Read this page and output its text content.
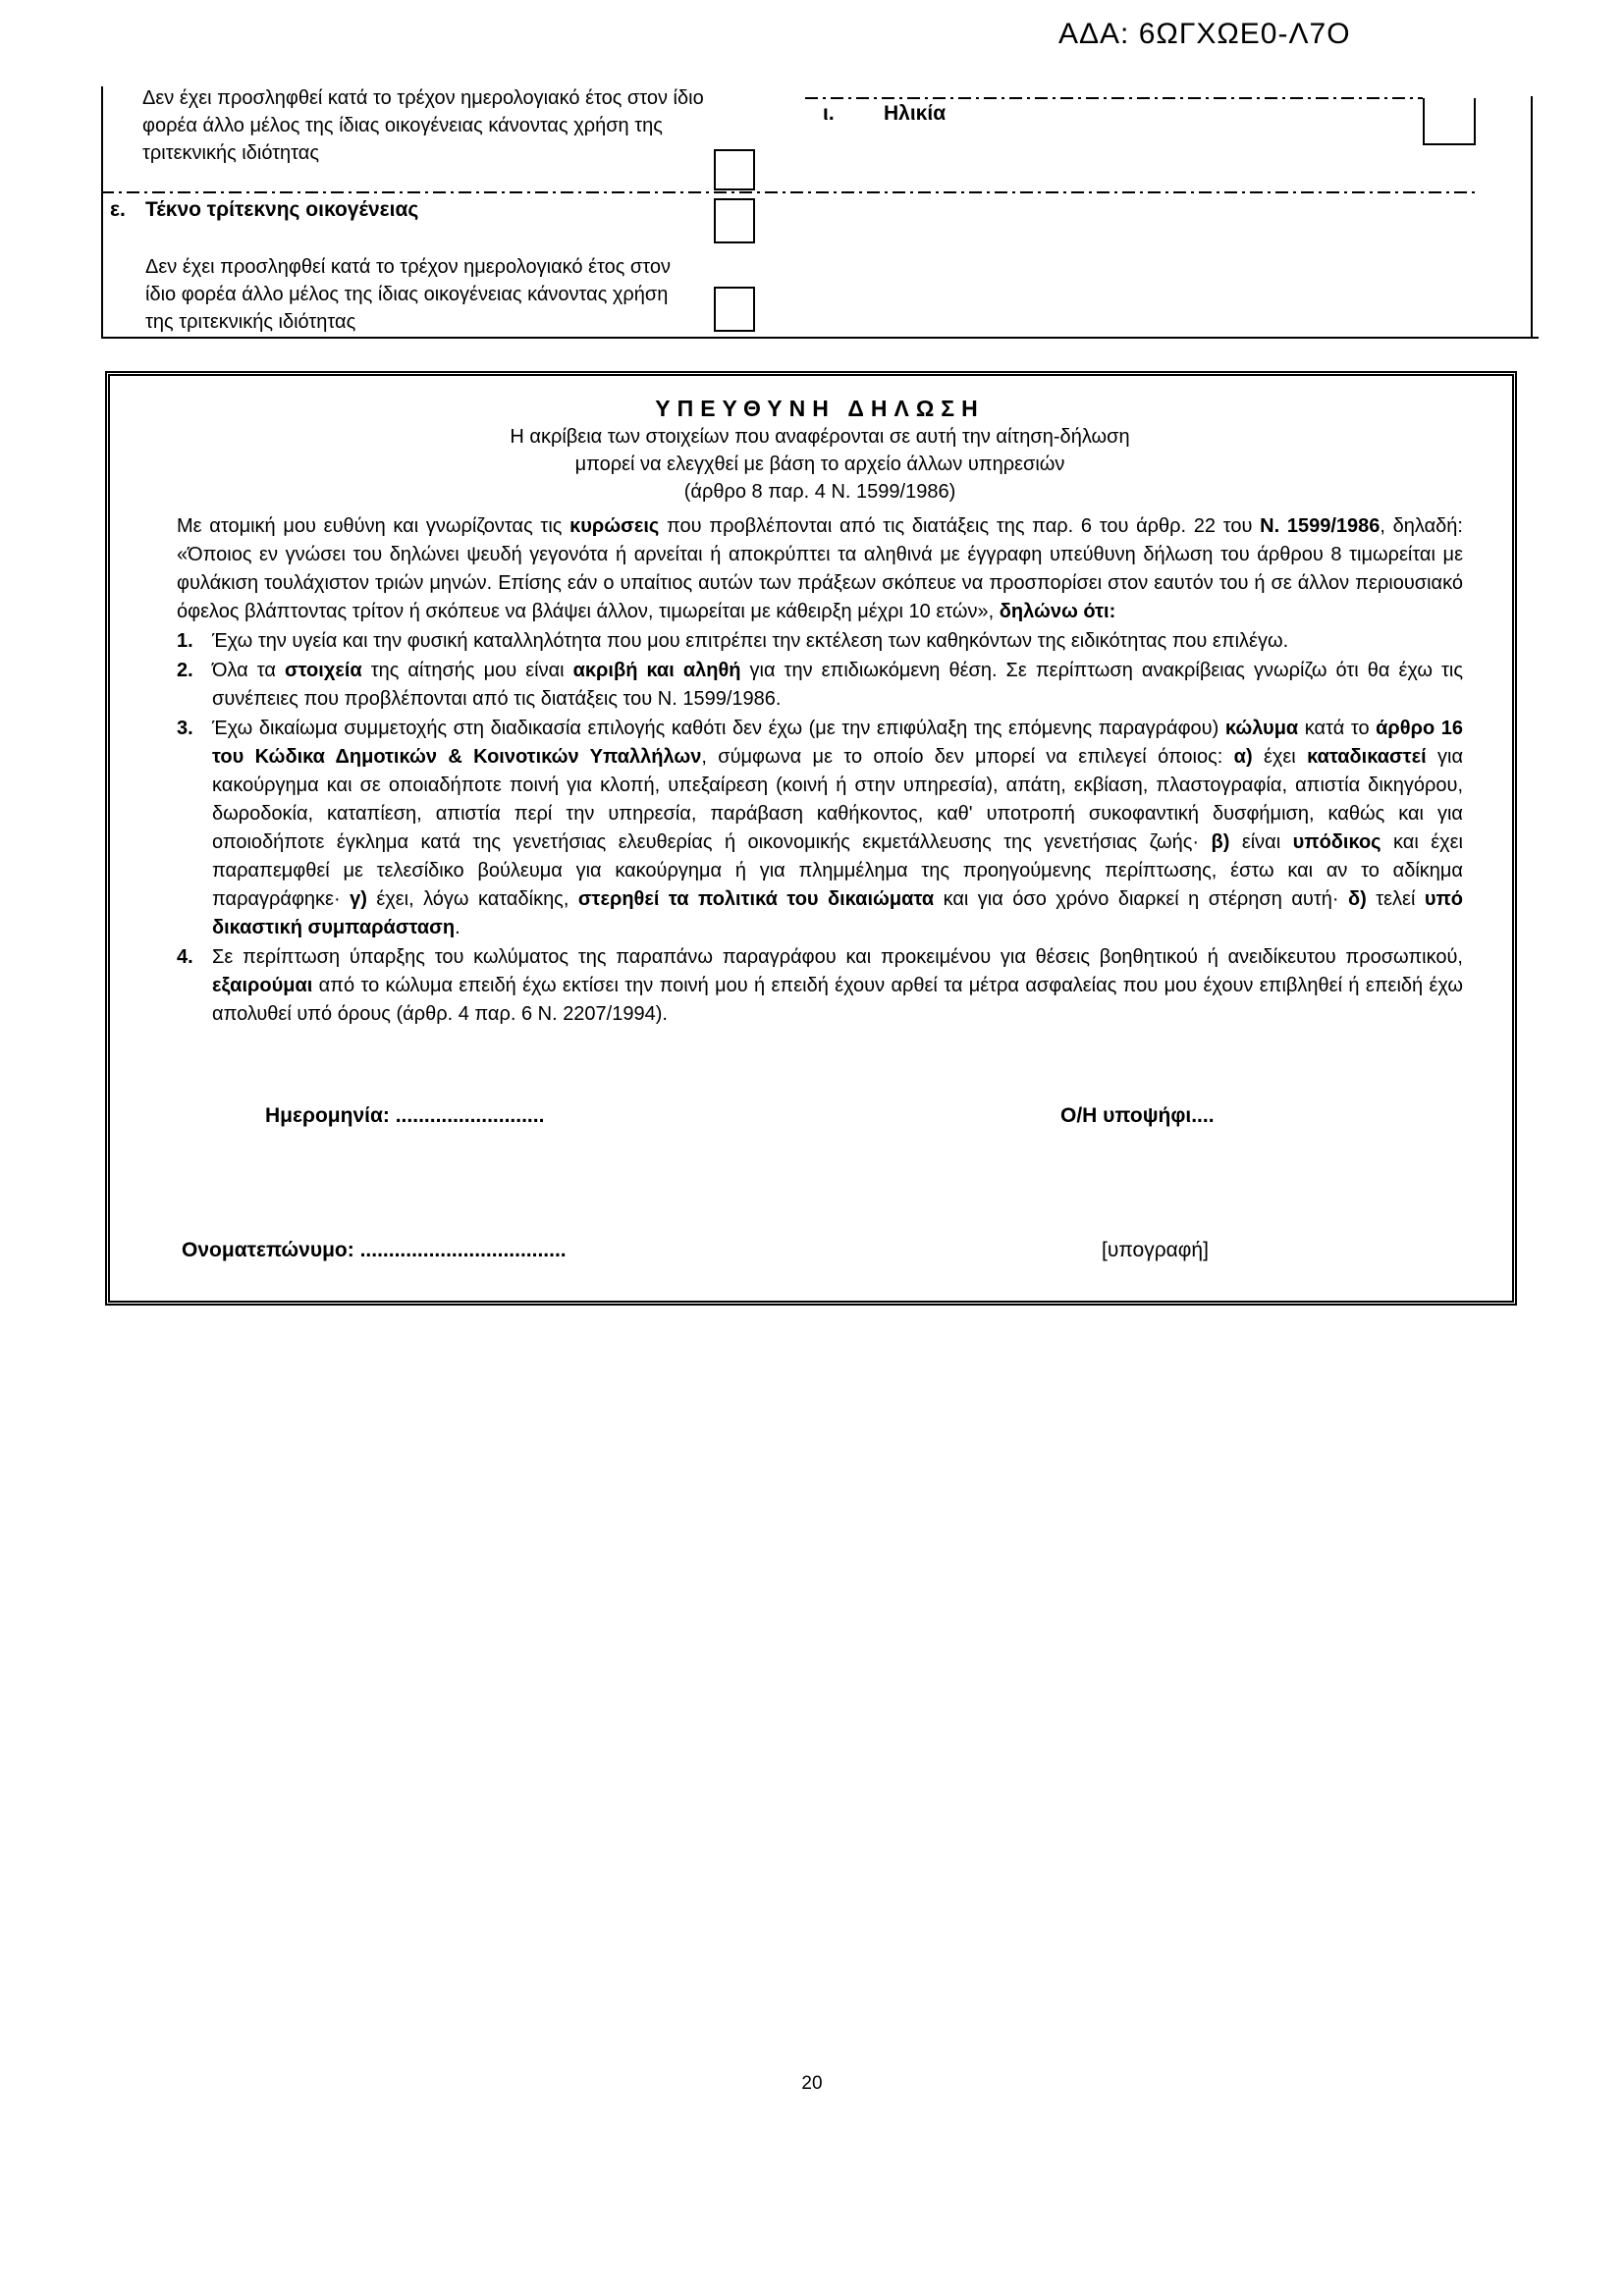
ΑΔΑ: 6ΩΓΧΩΕ0-Λ7Ο
Δεν έχει προσληφθεί κατά το τρέχον ημερολογιακό έτος στον ίδιο φορέα άλλο μέλος της ίδιας οικογένειας κάνοντας χρήση της τριτεκνικής ιδιότητας
ε. Τέκνο τρίτεκνης οικογένειας
Δεν έχει προσληφθεί κατά το τρέχον ημερολογιακό έτος στον ίδιο φορέα άλλο μέλος της ίδιας οικογένειας κάνοντας χρήση της τριτεκνικής ιδιότητας
ι. Ηλικία
ΥΠΕΥΘΥΝΗ ΔΗΛΩΣΗ
Η ακρίβεια των στοιχείων που αναφέρονται σε αυτή την αίτηση-δήλωση
μπορεί να ελεγχθεί με βάση το αρχείο άλλων υπηρεσιών
(άρθρο 8 παρ. 4 Ν. 1599/1986)

Με ατομική μου ευθύνη και γνωρίζοντας τις κυρώσεις που προβλέπονται από τις διατάξεις της παρ. 6 του άρθρ. 22 του Ν. 1599/1986, δηλαδή: «Όποιος εν γνώσει του δηλώνει ψευδή γεγονότα ή αρνείται ή αποκρύπτει τα αληθινά με έγγραφη υπεύθυνη δήλωση του άρθρου 8 τιμωρείται με φυλάκιση τουλάχιστον τριών μηνών. Επίσης εάν ο υπαίτιος αυτών των πράξεων σκόπευε να προσπορίσει στον εαυτόν του ή σε άλλον περιουσιακό όφελος βλάπτοντας τρίτον ή σκόπευε να βλάψει άλλον, τιμωρείται με κάθειρξη μέχρι 10 ετών», δηλώνω ότι:

1. Έχω την υγεία και την φυσική καταλληλότητα που μου επιτρέπει την εκτέλεση των καθηκόντων της ειδικότητας που επιλέγω.
2. Όλα τα στοιχεία της αίτησής μου είναι ακριβή και αληθή για την επιδιωκόμενη θέση. Σε περίπτωση ανακρίβειας γνωρίζω ότι θα έχω τις συνέπειες που προβλέπονται από τις διατάξεις του Ν. 1599/1986.
3. Έχω δικαίωμα συμμετοχής στη διαδικασία επιλογής καθότι δεν έχω (με την επιφύλαξη της επόμενης παραγράφου) κώλυμα κατά το άρθρο 16 του Κώδικα Δημοτικών & Κοινοτικών Υπαλλήλων, σύμφωνα με το οποίο δεν μπορεί να επιλεγεί όποιος: α) έχει καταδικαστεί για κακούργημα και σε οποιαδήποτε ποινή για κλοπή, υπεξαίρεση (κοινή ή στην υπηρεσία), απάτη, εκβίαση, πλαστογραφία, απιστία δικηγόρου, δωροδοκία, καταπίεση, απιστία περί την υπηρεσία, παράβαση καθήκοντος, καθ' υποτροπή συκοφαντική δυσφήμιση, καθώς και για οποιοδήποτε έγκλημα κατά της γενετήσιας ελευθερίας ή οικονομικής εκμετάλλευσης της γενετήσιας ζωής· β) είναι υπόδικος και έχει παραπεμφθεί με τελεσίδικο βούλευμα για κακούργημα ή για πλημμέλημα της προηγούμενης περίπτωσης, έστω και αν το αδίκημα παραγράφηκε· γ) έχει, λόγω καταδίκης, στερηθεί τα πολιτικά του δικαιώματα και για όσο χρόνο διαρκεί η στέρηση αυτή· δ) τελεί υπό δικαστική συμπαράσταση.
4. Σε περίπτωση ύπαρξης του κωλύματος της παραπάνω παραγράφου και προκειμένου για θέσεις βοηθητικού ή ανειδίκευτου προσωπικού, εξαιρούμαι από το κώλυμα επειδή έχω εκτίσει την ποινή μου ή επειδή έχουν αρθεί τα μέτρα ασφαλείας που μου έχουν επιβληθεί ή επειδή έχω απολυθεί υπό όρους (άρθρ. 4 παρ. 6 Ν. 2207/1994).
Ημερομηνία: ..........................	Ο/Η υποψήφι....
Ονοματεπώνυμο: ....................................	[υπογραφή]
20
